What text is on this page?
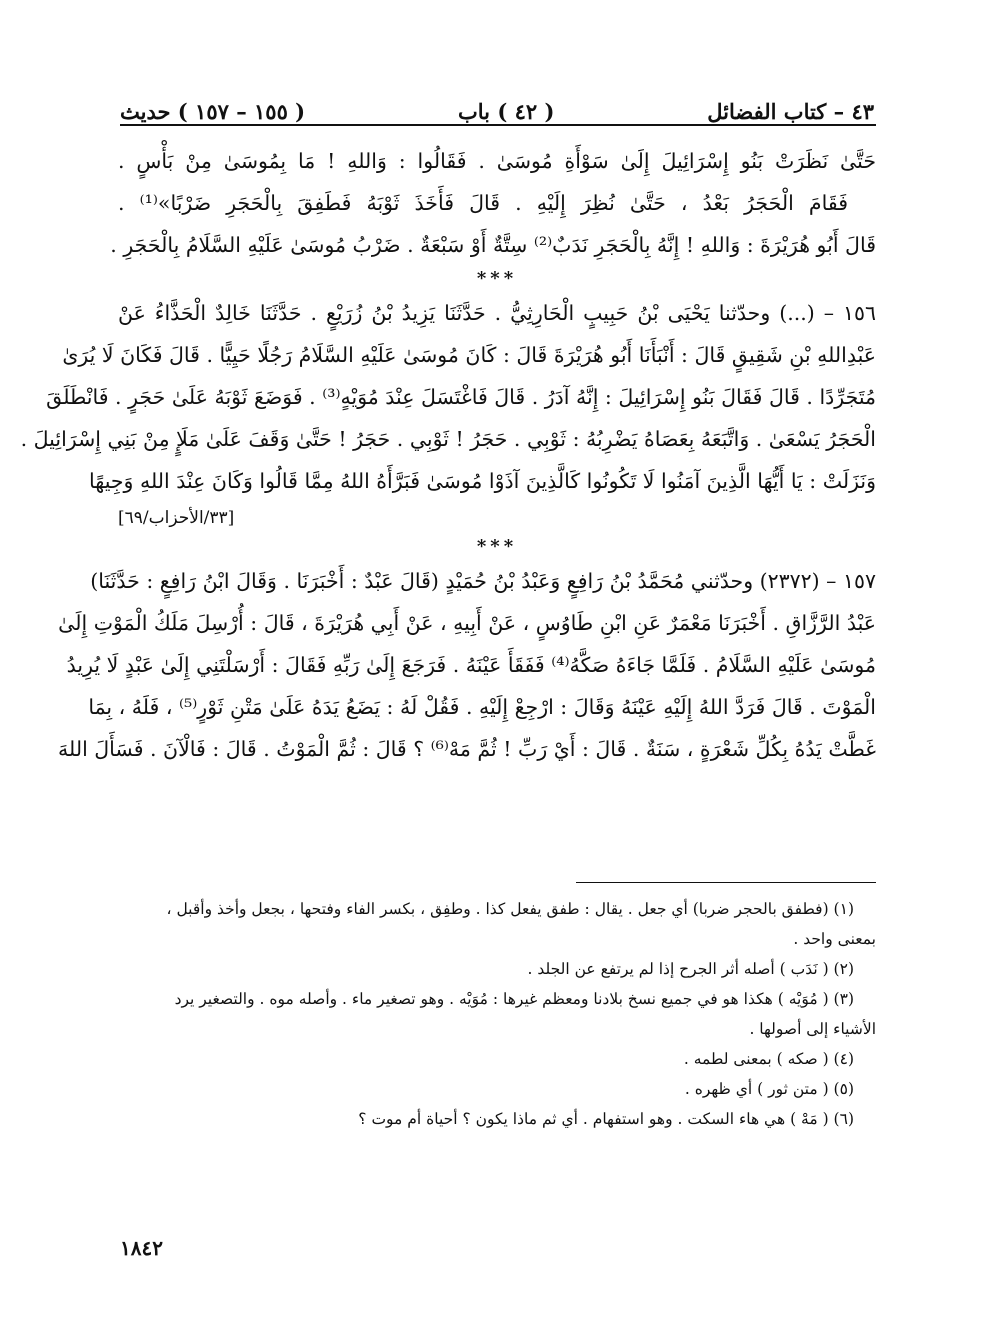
٤٣ – كتاب الفضائل
( ٤٢ ) باب
( ١٥٥ – ١٥٧ ) حديث
حَتَّىٰ نَظَرَتْ بَنُو إِسْرَائِيلَ إِلَىٰ سَوْأَةِ مُوسَىٰ . فَقَالُوا : وَاللهِ ! مَا بِمُوسَىٰ مِنْ بَأْسٍ .
فَقَامَ الْحَجَرُ بَعْدُ ، حَتَّىٰ نُظِرَ إِلَيْهِ . قَالَ فَأَخَذَ ثَوْبَهُ فَطَفِقَ بِالْحَجَرِ ضَرْبًا»⁽¹⁾ .
قَالَ أَبُو هُرَيْرَةَ : وَاللهِ ! إِنَّهُ بِالْحَجَرِ نَدَبٌ⁽²⁾ سِتَّةٌ أَوْ سَبْعَةٌ . ضَرْبُ مُوسَىٰ عَلَيْهِ السَّلَامُ بِالْحَجَرِ .
***
١٥٦ – (...) وحدّثنا يَحْيَى بْنُ حَبِيبٍ الْحَارِثِيُّ . حَدَّثَنَا يَزِيدُ بْنُ زُرَيْعٍ . حَدَّثَنَا خَالِدٌ الْحَذَّاءُ عَنْ
عَبْدِاللهِ بْنِ شَقِيقٍ قَالَ : أَنْبَأَنَا أَبُو هُرَيْرَةَ قَالَ : كَانَ مُوسَىٰ عَلَيْهِ السَّلَامُ رَجُلًا حَيِيًّا . قَالَ فَكَانَ لَا يُرَىٰ
مُتَجَرِّدًا . قَالَ فَقَالَ بَنُو إِسْرَائِيلَ : إِنَّهُ آدَرُ . قَالَ فَاغْتَسَلَ عِنْدَ مُوَيْهٍ⁽³⁾ . فَوَضَعَ ثَوْبَهُ عَلَىٰ حَجَرٍ . فَانْطَلَقَ
الْحَجَرُ يَسْعَىٰ . وَاتَّبَعَهُ بِعَصَاهُ يَضْرِبُهُ : ثَوْبِي . حَجَرُ ! ثَوْبِي . حَجَرُ ! حَتَّىٰ وَقَفَ عَلَىٰ مَلَإٍ مِنْ بَنِي إِسْرَائِيلَ .
وَنَزَلَتْ : يَا أَيُّهَا الَّذِينَ آمَنُوا لَا تَكُونُوا كَالَّذِينَ آذَوْا مُوسَىٰ فَبَرَّأَهُ اللهُ مِمَّا قَالُوا وَكَانَ عِنْدَ اللهِ وَجِيهًا
[٣٣/الأحزاب/٦٩]
***
١٥٧ – (٢٣٧٢) وحدّثني مُحَمَّدُ بْنُ رَافِعٍ وَعَبْدُ بْنُ حُمَيْدٍ (قَالَ عَبْدٌ : أَخْبَرَنَا . وَقَالَ ابْنُ رَافِعٍ : حَدَّثَنَا)
عَبْدُ الرَّزَّاقِ . أَخْبَرَنَا مَعْمَرٌ عَنِ ابْنِ طَاوُسٍ ، عَنْ أَبِيهِ ، عَنْ أَبِي هُرَيْرَةَ ، قَالَ : أُرْسِلَ مَلَكُ الْمَوْتِ إِلَىٰ
مُوسَىٰ عَلَيْهِ السَّلَامُ . فَلَمَّا جَاءَهُ صَكَّهُ⁽⁴⁾ فَفَقَأَ عَيْنَهُ . فَرَجَعَ إِلَىٰ رَبِّهِ فَقَالَ : أَرْسَلْتَنِي إِلَىٰ عَبْدٍ لَا يُرِيدُ
الْمَوْتَ . قَالَ فَرَدَّ اللهُ إِلَيْهِ عَيْنَهُ وَقَالَ : ارْجِعْ إِلَيْهِ . فَقُلْ لَهُ : يَضَعُ يَدَهُ عَلَىٰ مَتْنِ ثَوْرٍ⁽⁵⁾ ، فَلَهُ ، بِمَا
غَطَّتْ يَدُهُ بِكُلِّ شَعْرَةٍ ، سَنَةٌ . قَالَ : أَيْ رَبِّ ! ثُمَّ مَهْ⁽⁶⁾ ؟ قَالَ : ثُمَّ الْمَوْتُ . قَالَ : فَالْآنَ . فَسَأَلَ اللهَ
(١) (فطفق بالحجر ضربا) أي جعل . يقال : طفق يفعل كذا . وطفِق ، بكسر الفاء وفتحها ، بجعل وأخذ وأقبل ،
بمعنى واحد .
(٢) ( نَدَب ) أصله أثر الجرح إذا لم يرتفع عن الجلد .
(٣) ( مُوَيْه ) هكذا هو في جميع نسخ بلادنا ومعظم غيرها : مُوَيْه . وهو تصغير ماء . وأصله موه . والتصغير يرد
الأشياء إلى أصولها .
(٤) ( صكه ) بمعنى لطمه .
(٥) ( متن ثور ) أي ظهره .
(٦) ( مَهْ ) هي هاء السكت . وهو استفهام . أي ثم ماذا يكون ؟ أحياة أم موت ؟
١٨٤٢
